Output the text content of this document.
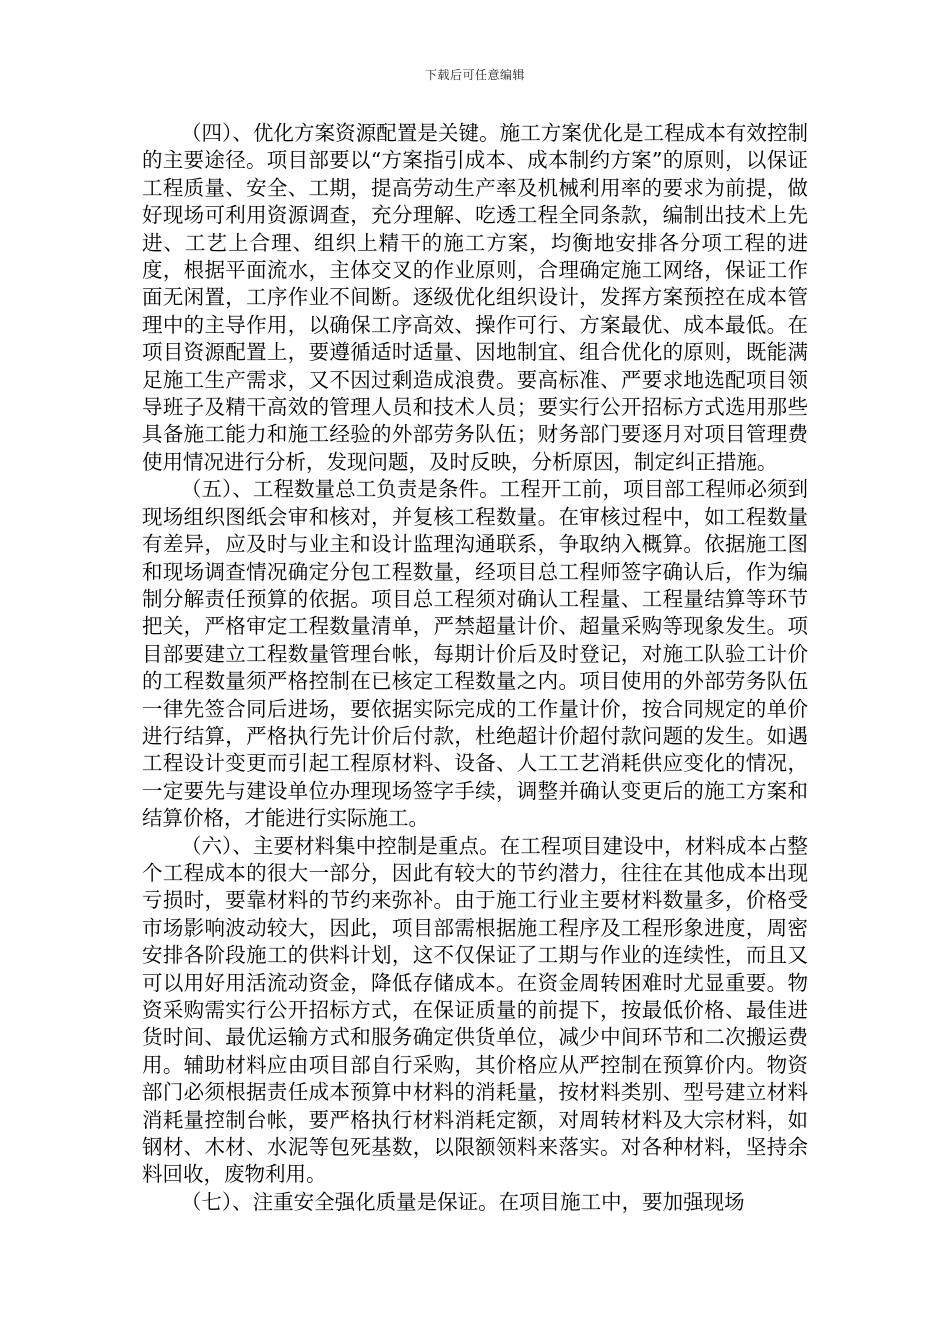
下载后可任意编辑

（四）、优化方案资源配置是关键。施工方案优化是工程成本有效控制的主要途径。项目部要以“方案指引成本、成本制约方案”的原则，以保证工程质量、安全、工期，提高劳动生产率及机械利用率的要求为前提，做好现场可利用资源调查，充分理解、吃透工程全同条款，编制出技术上先进、工艺上合理、组织上精干的施工方案，均衡地安排各分项工程的进度，根据平面流水，主体交叉的作业原则，合理确定施工网络，保证工作面无闲置，工序作业不间断。逐级优化组织设计，发挥方案预控在成本管理中的主导作用，以确保工序高效、操作可行、方案最优、成本最低。在项目资源配置上，要遵循适时适量、因地制宜、组合优化的原则，既能满足施工生产需求，又不因过剩造成浪费。要高标准、严要求地选配项目领导班子及精干高效的管理人员和技术人员；要实行公开招标方式选用那些具备施工能力和施工经验的外部劳务队伍；财务部门要逐月对项目管理费使用情况进行分析，发现问题，及时反映，分析原因，制定纠正措施。

（五）、工程数量总工负责是条件。工程开工前，项目部工程师必须到现场组织图纸会审和核对，并复核工程数量。在审核过程中，如工程数量有差异，应及时与业主和设计监理沟通联系，争取纳入概算。依据施工图和现场调查情况确定分包工程数量，经项目总工程师签字确认后，作为编制分解责任预算的依据。项目总工程须对确认工程量、工程量结算等环节把关，严格审定工程数量清单，严禁超量计价、超量采购等现象发生。项目部要建立工程数量管理台帐，每期计价后及时登记，对施工队验工计价的工程数量须严格控制在已核定工程数量之内。项目使用的外部劳务队伍一律先签合同后进场，要依据实际完成的工作量计价，按合同规定的单价进行结算，严格执行先计价后付款，杜绝超计价超付款问题的发生。如遇工程设计变更而引起工程原材料、设备、人工工艺消耗供应变化的情况，一定要先与建设单位办理现场签字手续，调整并确认变更后的施工方案和结算价格，才能进行实际施工。

（六）、主要材料集中控制是重点。在工程项目建设中，材料成本占整个工程成本的很大一部分，因此有较大的节约潜力，往往在其他成本出现亏损时，要靠材料的节约来弥补。由于施工行业主要材料数量多，价格受市场影响波动较大，因此，项目部需根据施工程序及工程形象进度，周密安排各阶段施工的供料计划，这不仅保证了工期与作业的连续性，而且又可以用好用活流动资金，降低存储成本。在资金周转困难时尤显重要。物资采购需实行公开招标方式，在保证质量的前提下，按最低价格、最佳进货时间、最优运输方式和服务确定供货单位，减少中间环节和二次搬运费用。辅助材料应由项目部自行采购，其价格应从严控制在预算价内。物资部门必须根据责任成本预算中材料的消耗量，按材料类别、型号建立材料消耗量控制台帐，要严格执行材料消耗定额，对周转材料及大宗材料，如钢材、木材、水泥等包死基数，以限额领料来落实。对各种材料，坚持余料回收，废物利用。

（七）、注重安全强化质量是保证。在项目施工中，要加强现场
